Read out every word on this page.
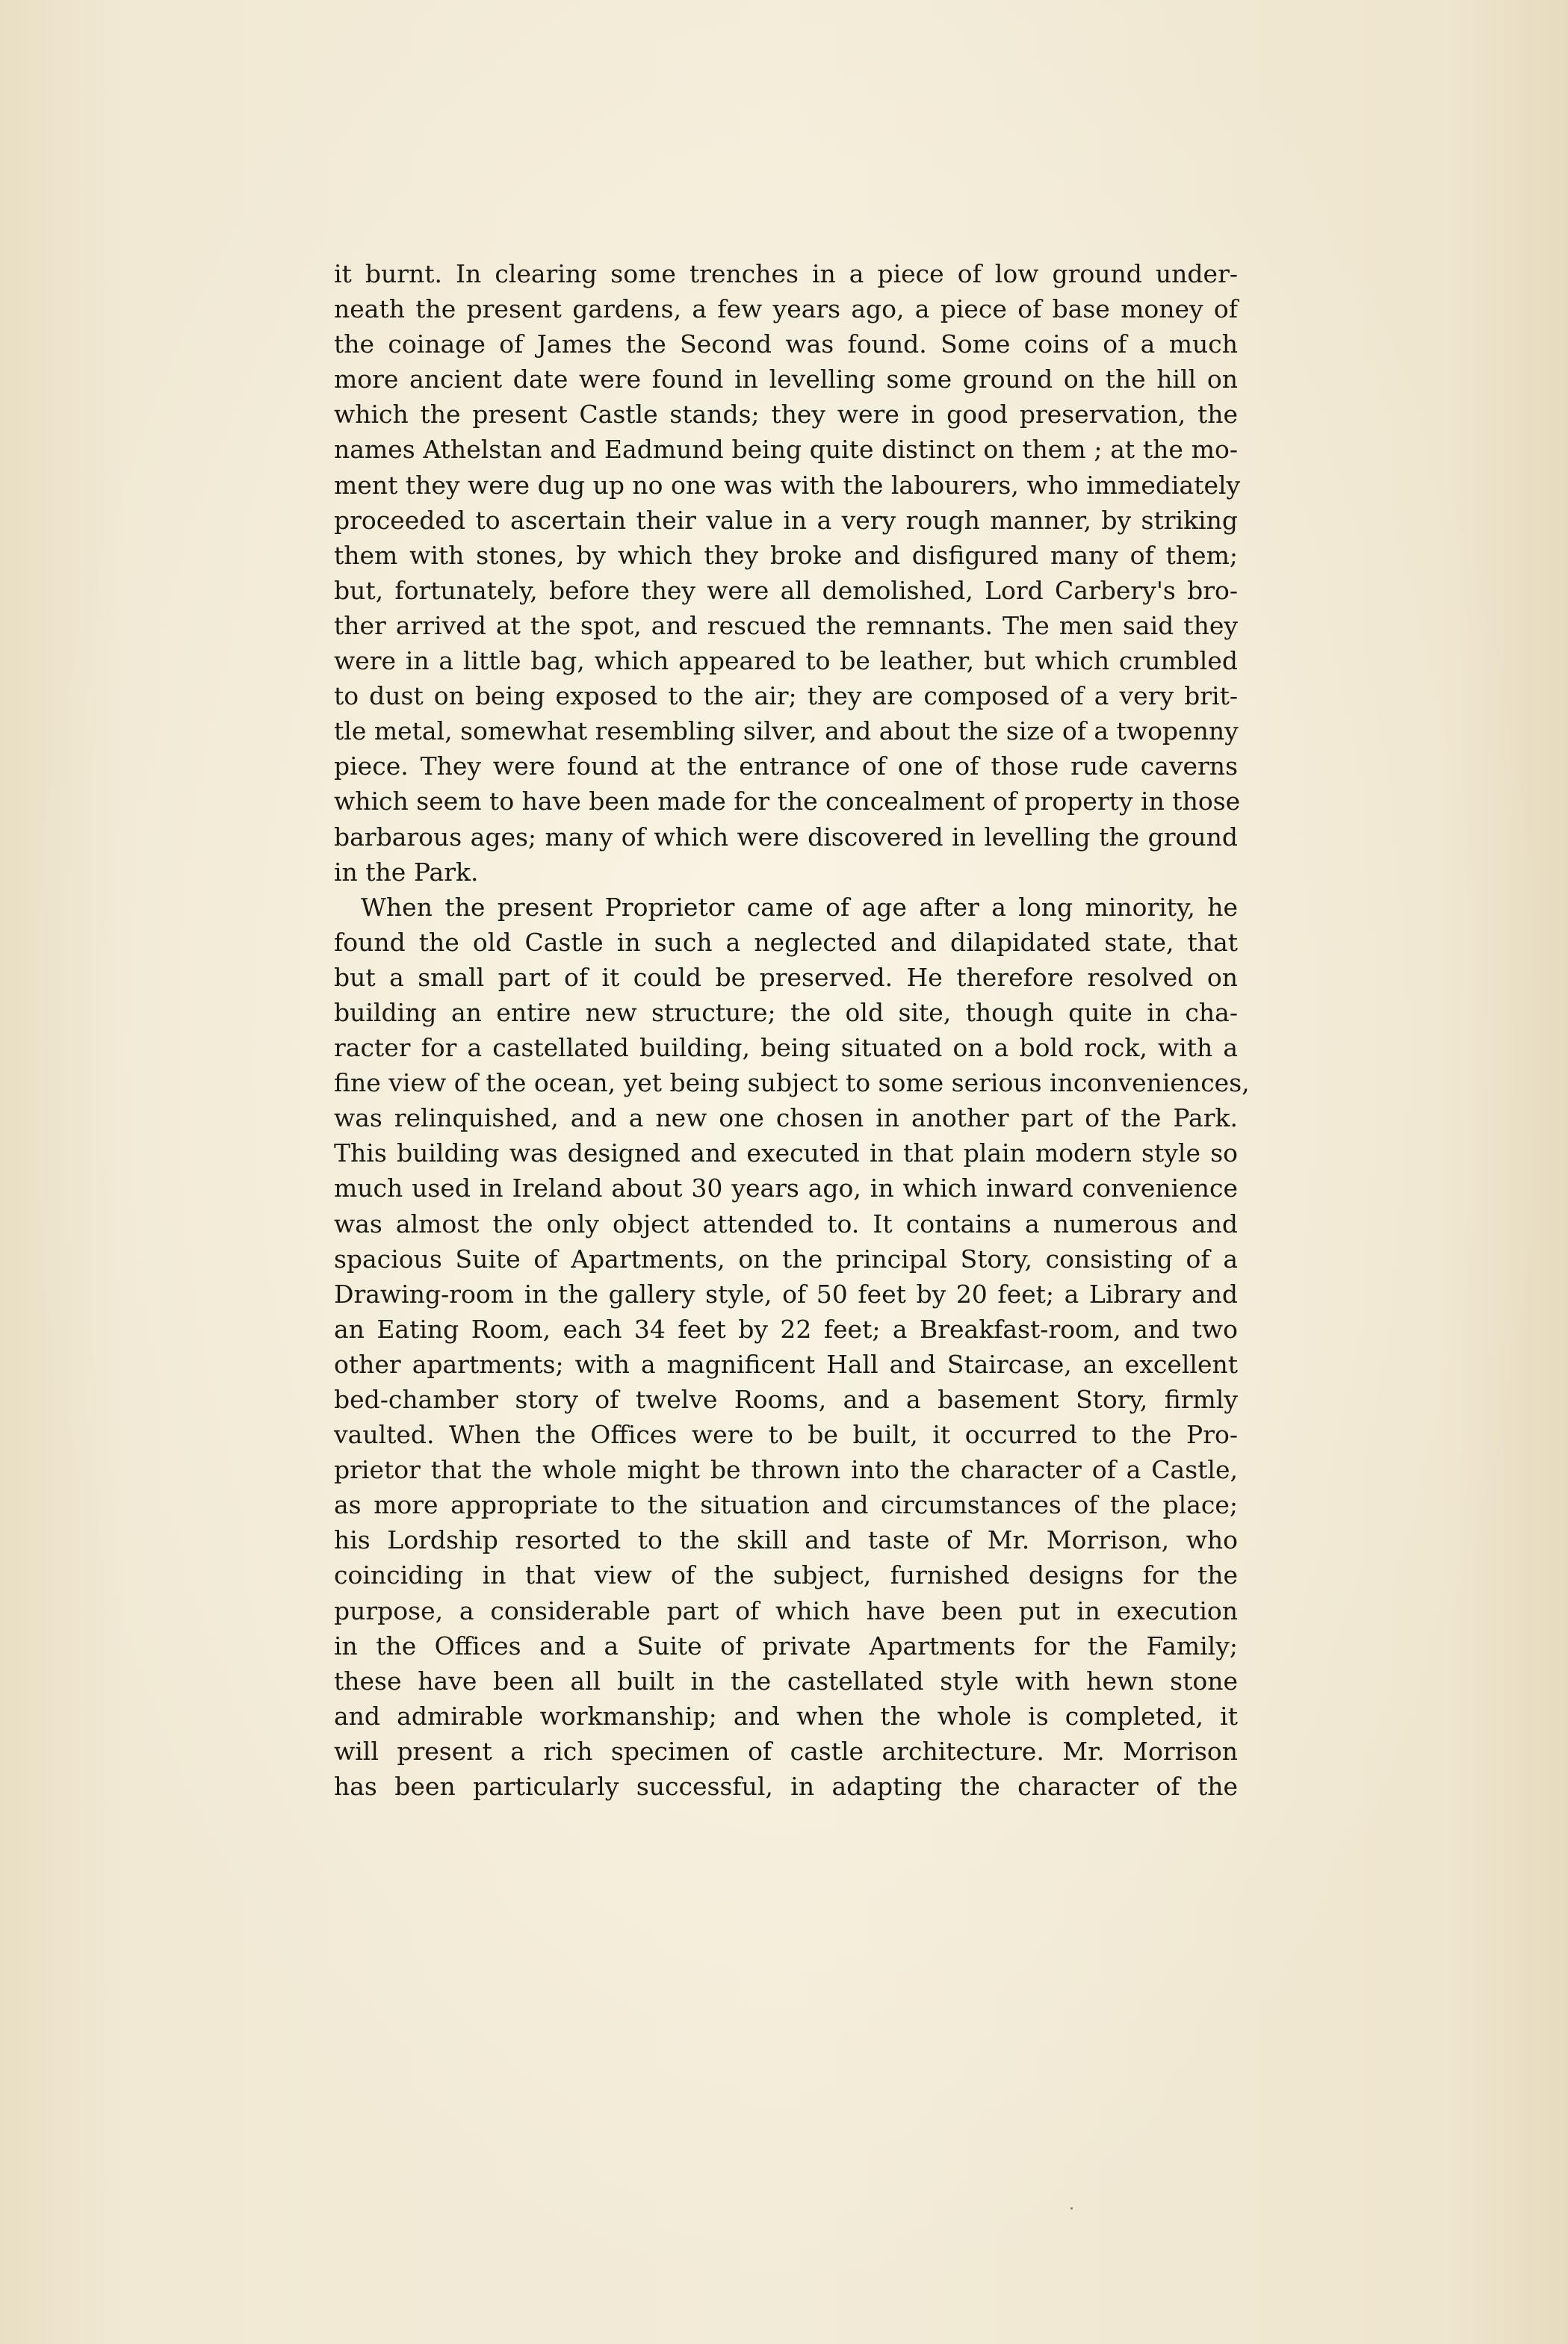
it burnt. In clearing some trenches in a piece of low ground under-
neath the present gardens, a few years ago, a piece of base money of
the coinage of James the Second was found. Some coins of a much
more ancient date were found in levelling some ground on the hill on
which the present Castle stands; they were in good preservation, the
names Athelstan and Eadmund being quite distinct on them ; at the mo-
ment they were dug up no one was with the labourers, who immediately
proceeded to ascertain their value in a very rough manner, by striking
them with stones, by which they broke and disfigured many of them;
but, fortunately, before they were all demolished, Lord Carbery's bro-
ther arrived at the spot, and rescued the remnants. The men said they
were in a little bag, which appeared to be leather, but which crumbled
to dust on being exposed to the air; they are composed of a very brit-
tle metal, somewhat resembling silver, and about the size of a twopenny
piece. They were found at the entrance of one of those rude caverns
which seem to have been made for the concealment of property in those
barbarous ages; many of which were discovered in levelling the ground
in the Park.
When the present Proprietor came of age after a long minority, he
found the old Castle in such a neglected and dilapidated state, that
but a small part of it could be preserved. He therefore resolved on
building an entire new structure; the old site, though quite in cha-
racter for a castellated building, being situated on a bold rock, with a
fine view of the ocean, yet being subject to some serious inconveniences,
was relinquished, and a new one chosen in another part of the Park.
This building was designed and executed in that plain modern style so
much used in Ireland about 30 years ago, in which inward convenience
was almost the only object attended to. It contains a numerous and
spacious Suite of Apartments, on the principal Story, consisting of a
Drawing-room in the gallery style, of 50 feet by 20 feet; a Library and
an Eating Room, each 34 feet by 22 feet; a Breakfast-room, and two
other apartments; with a magnificent Hall and Staircase, an excellent
bed-chamber story of twelve Rooms, and a basement Story, firmly
vaulted. When the Offices were to be built, it occurred to the Pro-
prietor that the whole might be thrown into the character of a Castle,
as more appropriate to the situation and circumstances of the place;
his Lordship resorted to the skill and taste of Mr. Morrison, who
coinciding in that view of the subject, furnished designs for the
purpose, a considerable part of which have been put in execution
in the Offices and a Suite of private Apartments for the Family;
these have been all built in the castellated style with hewn stone
and admirable workmanship; and when the whole is completed, it
will present a rich specimen of castle architecture. Mr. Morrison
has been particularly successful, in adapting the character of the
